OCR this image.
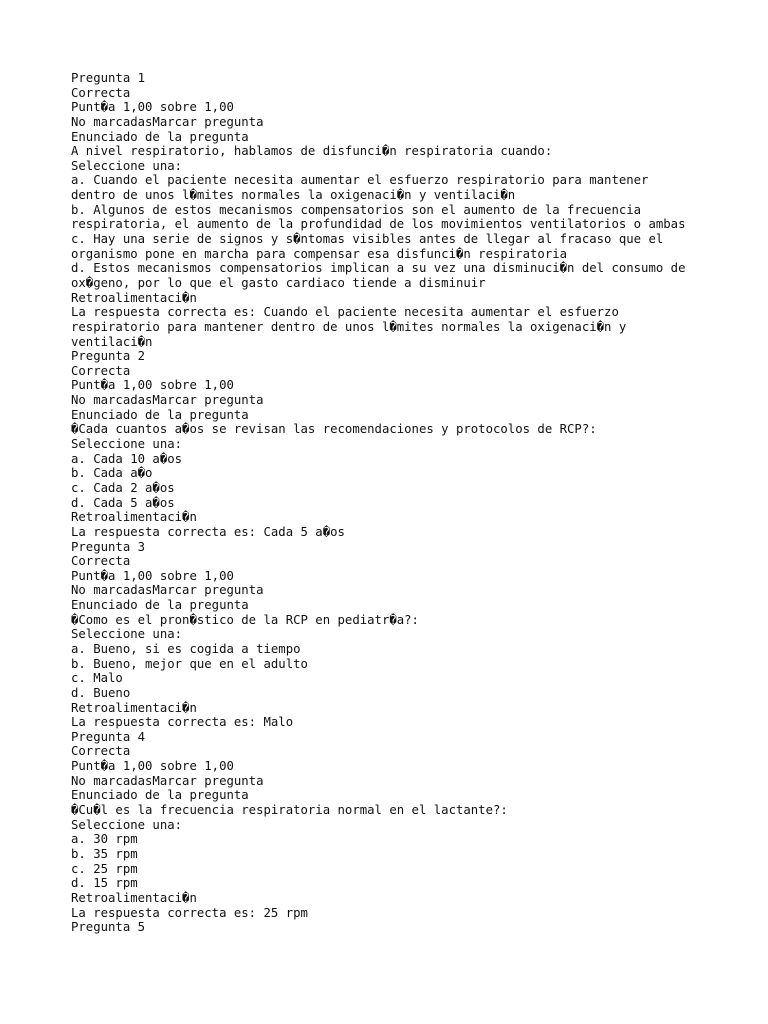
Pregunta 1
Correcta
Punt�a 1,00 sobre 1,00
No marcadasMarcar pregunta
Enunciado de la pregunta
A nivel respiratorio, hablamos de disfunci�n respiratoria cuando:
Seleccione una:
a. Cuando el paciente necesita aumentar el esfuerzo respiratorio para mantener
dentro de unos l�mites normales la oxigenaci�n y ventilaci�n
b. Algunos de estos mecanismos compensatorios son el aumento de la frecuencia
respiratoria, el aumento de la profundidad de los movimientos ventilatorios o ambas
c. Hay una serie de signos y s�ntomas visibles antes de llegar al fracaso que el
organismo pone en marcha para compensar esa disfunci�n respiratoria
d. Estos mecanismos compensatorios implican a su vez una disminuci�n del consumo de
ox�geno, por lo que el gasto cardiaco tiende a disminuir
Retroalimentaci�n
La respuesta correcta es: Cuando el paciente necesita aumentar el esfuerzo
respiratorio para mantener dentro de unos l�mites normales la oxigenaci�n y
ventilaci�n
Pregunta 2
Correcta
Punt�a 1,00 sobre 1,00
No marcadasMarcar pregunta
Enunciado de la pregunta
�Cada cuantos a�os se revisan las recomendaciones y protocolos de RCP?:
Seleccione una:
a. Cada 10 a�os
b. Cada a�o
c. Cada 2 a�os
d. Cada 5 a�os
Retroalimentaci�n
La respuesta correcta es: Cada 5 a�os
Pregunta 3
Correcta
Punt�a 1,00 sobre 1,00
No marcadasMarcar pregunta
Enunciado de la pregunta
�Como es el pron�stico de la RCP en pediatr�a?:
Seleccione una:
a. Bueno, si es cogida a tiempo
b. Bueno, mejor que en el adulto
c. Malo
d. Bueno
Retroalimentaci�n
La respuesta correcta es: Malo
Pregunta 4
Correcta
Punt�a 1,00 sobre 1,00
No marcadasMarcar pregunta
Enunciado de la pregunta
�Cu�l es la frecuencia respiratoria normal en el lactante?:
Seleccione una:
a. 30 rpm
b. 35 rpm
c. 25 rpm
d. 15 rpm
Retroalimentaci�n
La respuesta correcta es: 25 rpm
Pregunta 5
